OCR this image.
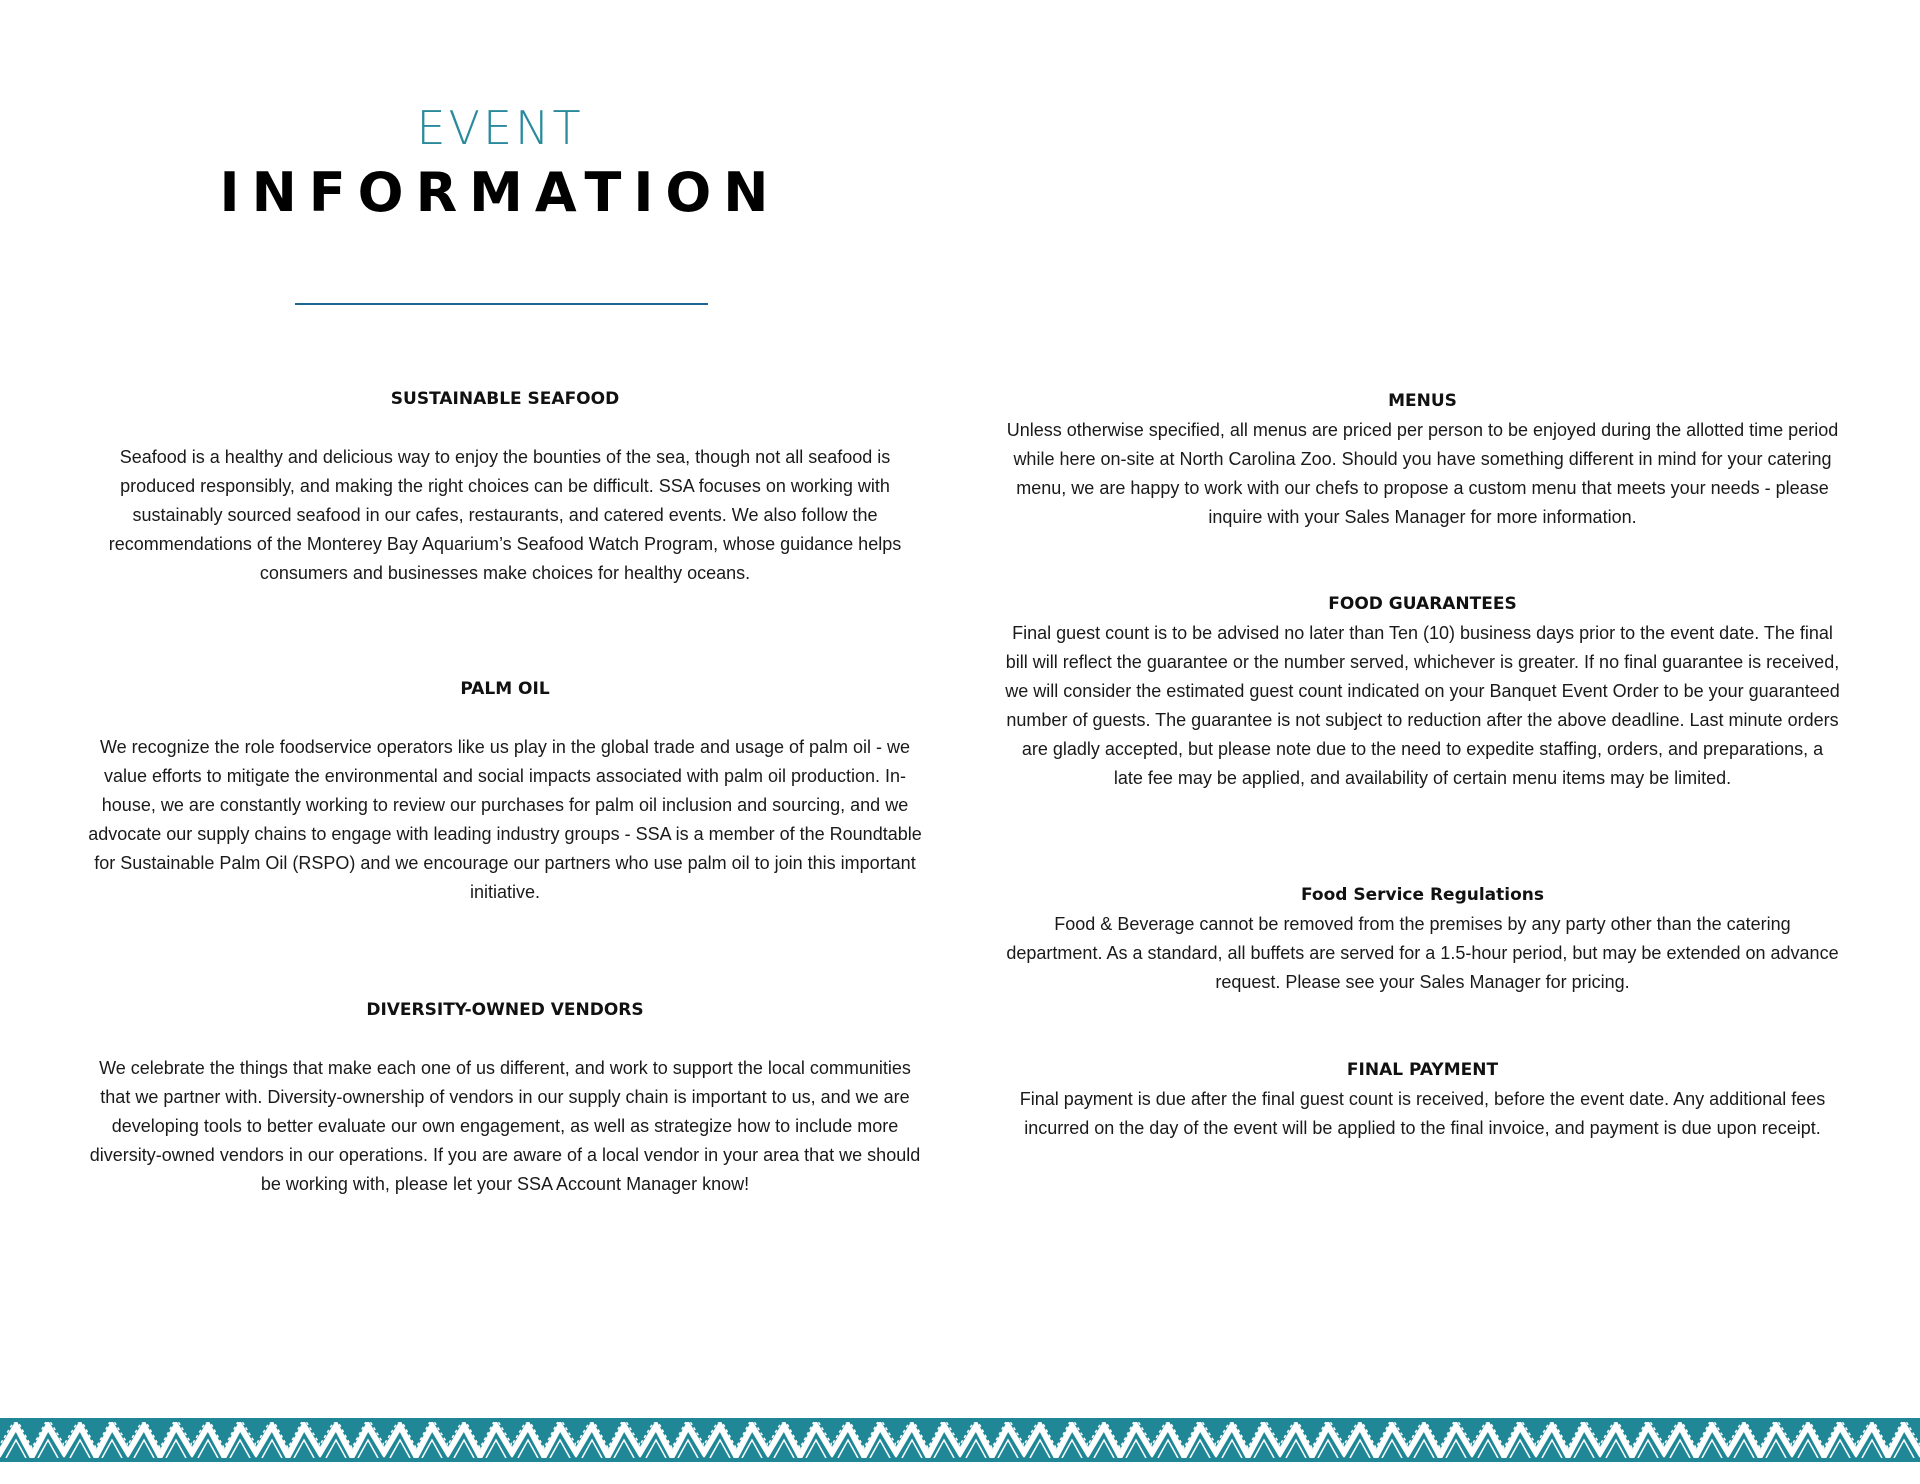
EVENT
INFORMATION
SUSTAINABLE SEAFOOD
Seafood is a healthy and delicious way to enjoy the bounties of the sea, though not all seafood is produced responsibly, and making the right choices can be difficult. SSA focuses on working with sustainably sourced seafood in our cafes, restaurants, and catered events. We also follow the recommendations of the Monterey Bay Aquarium’s Seafood Watch Program, whose guidance helps consumers and businesses make choices for healthy oceans.
PALM OIL
We recognize the role foodservice operators like us play in the global trade and usage of palm oil - we value efforts to mitigate the environmental and social impacts associated with palm oil production. In-house, we are constantly working to review our purchases for palm oil inclusion and sourcing, and we advocate our supply chains to engage with leading industry groups - SSA is a member of the Roundtable for Sustainable Palm Oil (RSPO) and we encourage our partners who use palm oil to join this important initiative.
DIVERSITY-OWNED VENDORS
We celebrate the things that make each one of us different, and work to support the local communities that we partner with. Diversity-ownership of vendors in our supply chain is important to us, and we are developing tools to better evaluate our own engagement, as well as strategize how to include more diversity-owned vendors in our operations. If you are aware of a local vendor in your area that we should be working with, please let your SSA Account Manager know!
MENUS
Unless otherwise specified, all menus are priced per person to be enjoyed during the allotted time period while here on-site at North Carolina Zoo. Should you have something different in mind for your catering menu, we are happy to work with our chefs to propose a custom menu that meets your needs - please inquire with your Sales Manager for more information.
FOOD GUARANTEES
Final guest count is to be advised no later than Ten (10) business days prior to the event date. The final bill will reflect the guarantee or the number served, whichever is greater. If no final guarantee is received, we will consider the estimated guest count indicated on your Banquet Event Order to be your guaranteed number of guests. The guarantee is not subject to reduction after the above deadline. Last minute orders are gladly accepted, but please note due to the need to expedite staffing, orders, and preparations, a late fee may be applied, and availability of certain menu items may be limited.
Food Service Regulations
Food & Beverage cannot be removed from the premises by any party other than the catering department. As a standard, all buffets are served for a 1.5-hour period, but may be extended on advance request. Please see your Sales Manager for pricing.
FINAL PAYMENT
Final payment is due after the final guest count is received, before the event date. Any additional fees incurred on the day of the event will be applied to the final invoice, and payment is due upon receipt.
